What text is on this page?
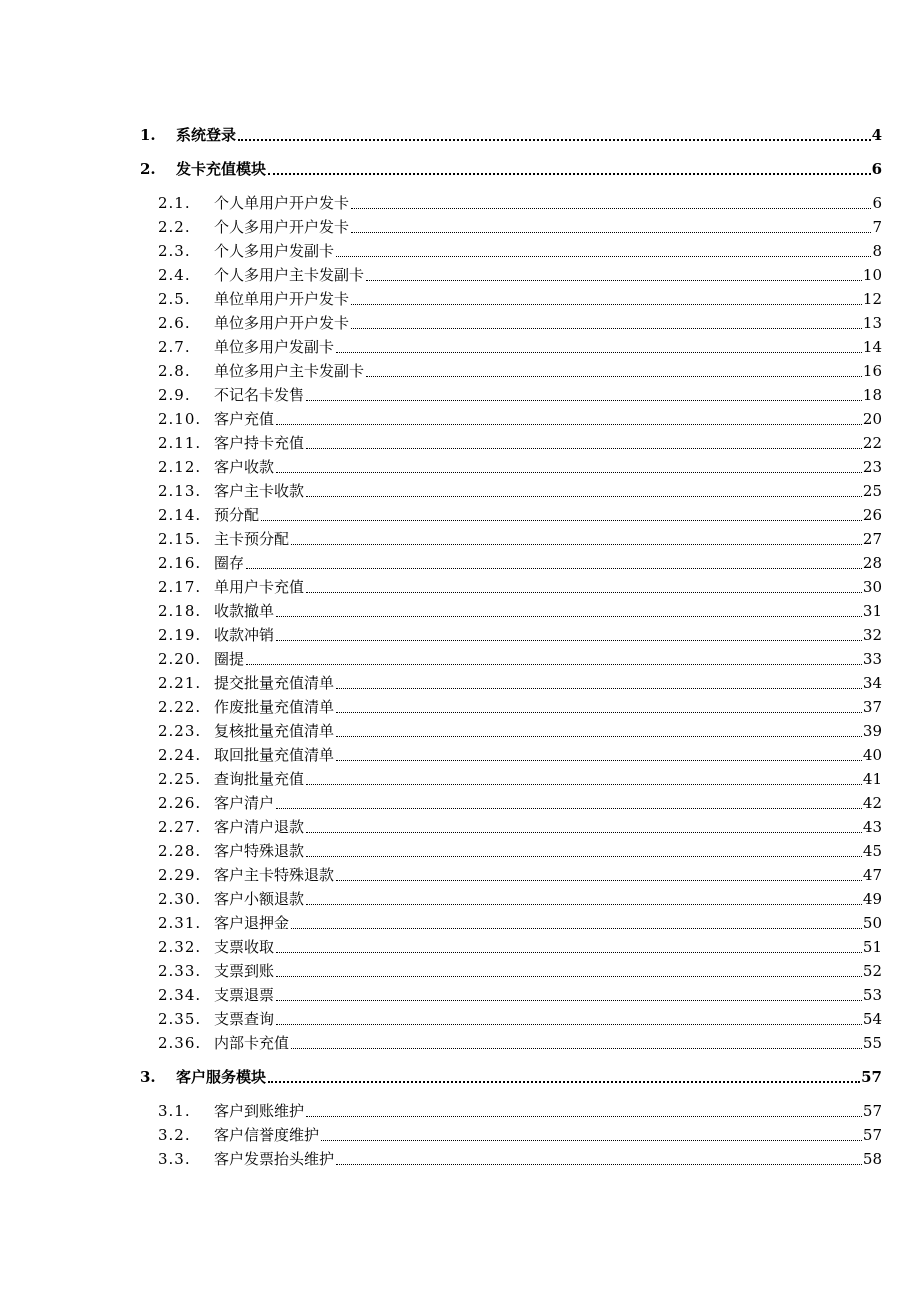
1. 系统登录	4
2. 发卡充值模块	6
2.1. 个人单用户开户发卡	6
2.2. 个人多用户开户发卡	7
2.3. 个人多用户发副卡	8
2.4. 个人多用户主卡发副卡	10
2.5. 单位单用户开户发卡	12
2.6. 单位多用户开户发卡	13
2.7. 单位多用户发副卡	14
2.8. 单位多用户主卡发副卡	16
2.9. 不记名卡发售	18
2.10. 客户充值	20
2.11. 客户持卡充值	22
2.12. 客户收款	23
2.13. 客户主卡收款	25
2.14. 预分配	26
2.15. 主卡预分配	27
2.16. 圈存	28
2.17. 单用户卡充值	30
2.18. 收款撤单	31
2.19. 收款冲销	32
2.20. 圈提	33
2.21. 提交批量充值清单	34
2.22. 作废批量充值清单	37
2.23. 复核批量充值清单	39
2.24. 取回批量充值清单	40
2.25. 查询批量充值	41
2.26. 客户清户	42
2.27. 客户清户退款	43
2.28. 客户特殊退款	45
2.29. 客户主卡特殊退款	47
2.30. 客户小额退款	49
2.31. 客户退押金	50
2.32. 支票收取	51
2.33. 支票到账	52
2.34. 支票退票	53
2.35. 支票查询	54
2.36. 内部卡充值	55
3. 客户服务模块	57
3.1. 客户到账维护	57
3.2. 客户信誉度维护	57
3.3. 客户发票抬头维护	58
